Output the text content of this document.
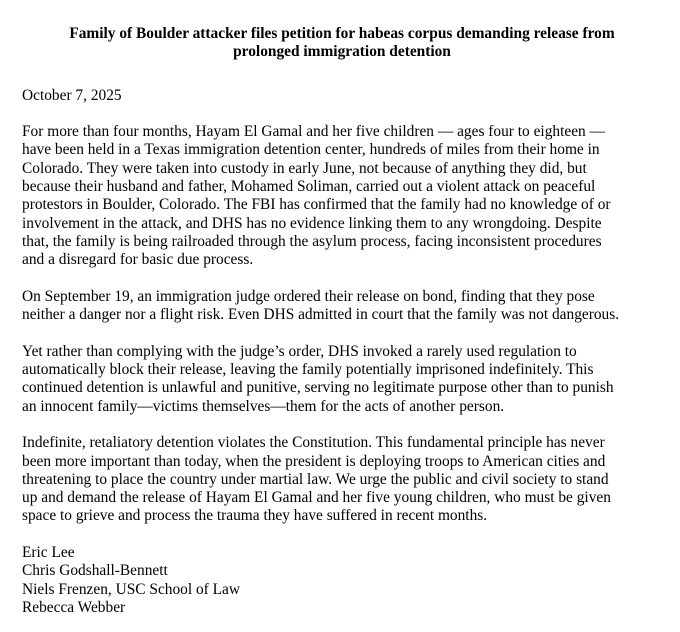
Family of Boulder attacker files petition for habeas corpus demanding release from
prolonged immigration detention
October 7, 2025
For more than four months, Hayam El Gamal and her five children — ages four to eighteen —
have been held in a Texas immigration detention center, hundreds of miles from their home in
Colorado. They were taken into custody in early June, not because of anything they did, but
because their husband and father, Mohamed Soliman, carried out a violent attack on peaceful
protestors in Boulder, Colorado. The FBI has confirmed that the family had no knowledge of or
involvement in the attack, and DHS has no evidence linking them to any wrongdoing. Despite
that, the family is being railroaded through the asylum process, facing inconsistent procedures
and a disregard for basic due process.
On September 19, an immigration judge ordered their release on bond, finding that they pose
neither a danger nor a flight risk. Even DHS admitted in court that the family was not dangerous.
Yet rather than complying with the judge’s order, DHS invoked a rarely used regulation to
automatically block their release, leaving the family potentially imprisoned indefinitely. This
continued detention is unlawful and punitive, serving no legitimate purpose other than to punish
an innocent family—victims themselves—them for the acts of another person.
Indefinite, retaliatory detention violates the Constitution. This fundamental principle has never
been more important than today, when the president is deploying troops to American cities and
threatening to place the country under martial law. We urge the public and civil society to stand
up and demand the release of Hayam El Gamal and her five young children, who must be given
space to grieve and process the trauma they have suffered in recent months.
Eric Lee
Chris Godshall-Bennett
Niels Frenzen, USC School of Law
Rebecca Webber
